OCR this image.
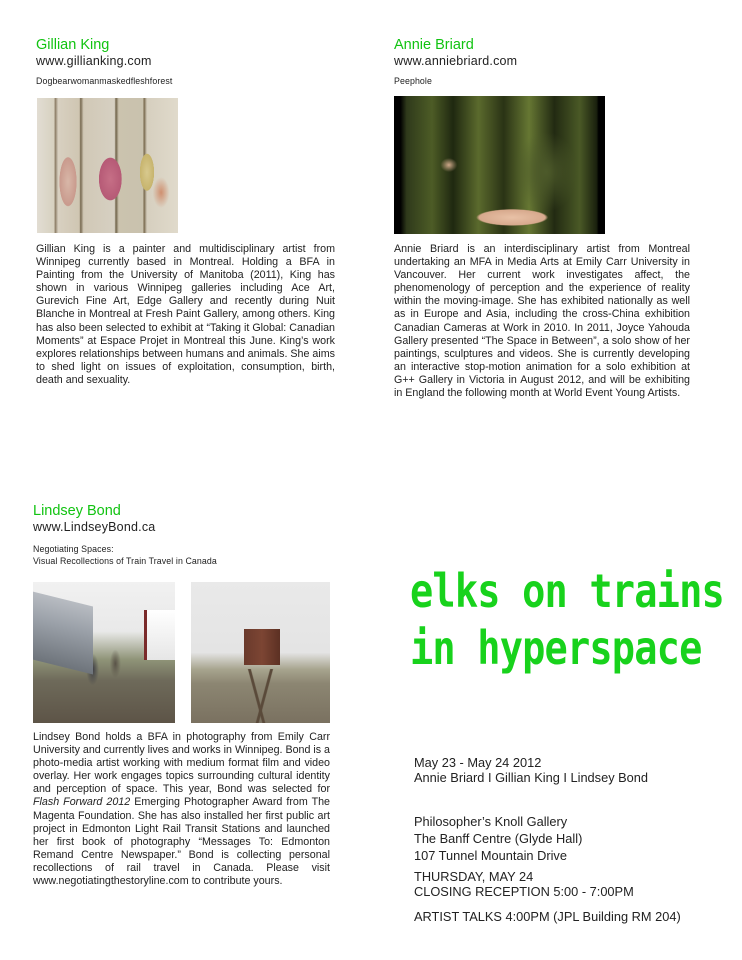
Gillian King
www.gillianking.com
Dogbearwomanmaskedfleshforest
Gillian King is a painter and multidisciplinary artist from Winnipeg currently based in Montreal. Holding a BFA in Painting from the University of Manitoba (2011), King has shown in various Winnipeg galleries including Ace Art, Gurevich Fine Art, Edge Gallery and recently during Nuit Blanche in Montreal at Fresh Paint Gallery, among others. King has also been selected to exhibit at “Taking it Global: Canadian Moments” at Espace Projet in Montreal this June. King’s work explores relationships between humans and animals. She aims to shed light on issues of exploitation, consumption, birth, death and sexuality.
Annie Briard
www.anniebriard.com
Peephole
Annie Briard is an interdisciplinary artist from Montreal undertaking an MFA in Media Arts at Emily Carr University in Vancouver. Her current work investigates affect, the phenomenology of perception and the experience of reality within the moving-image. She has exhibited nationally as well as in Europe and Asia, including the cross-China exhibition Canadian Cameras at Work in 2010. In 2011, Joyce Yahouda Gallery presented “The Space in Between”, a solo show of her paintings, sculptures and videos. She is currently developing an interactive stop-motion animation for a solo exhibition at G++ Gallery in Victoria in August 2012, and will be exhibiting in England the following month at World Event Young Artists.
Lindsey Bond
www.LindseyBond.ca
Negotiating Spaces:
Visual Recollections of Train Travel in Canada
Lindsey Bond holds a BFA in photography from Emily Carr University and currently lives and works in Winnipeg. Bond is a photo-media artist working with medium format film and video overlay. Her work engages topics surrounding cultural identity and perception of space. This year, Bond was selected for Flash Forward 2012 Emerging Photographer Award from The Magenta Foundation. She has also installed her first public art project in Edmonton Light Rail Transit Stations and launched her first book of photography “Messages To: Edmonton Remand Centre Newspaper.” Bond is collecting personal recollections of rail travel in Canada. Please visit www.negotiatingthestoryline.com to contribute yours.
elks on trains
in hyperspace
May 23 - May 24 2012
Annie Briard I Gillian King I Lindsey Bond
Philosopher’s Knoll Gallery
The Banff Centre (Glyde Hall)
107 Tunnel Mountain Drive
THURSDAY, MAY 24
CLOSING RECEPTION 5:00 - 7:00PM
ARTIST TALKS 4:00PM (JPL Building RM 204)
